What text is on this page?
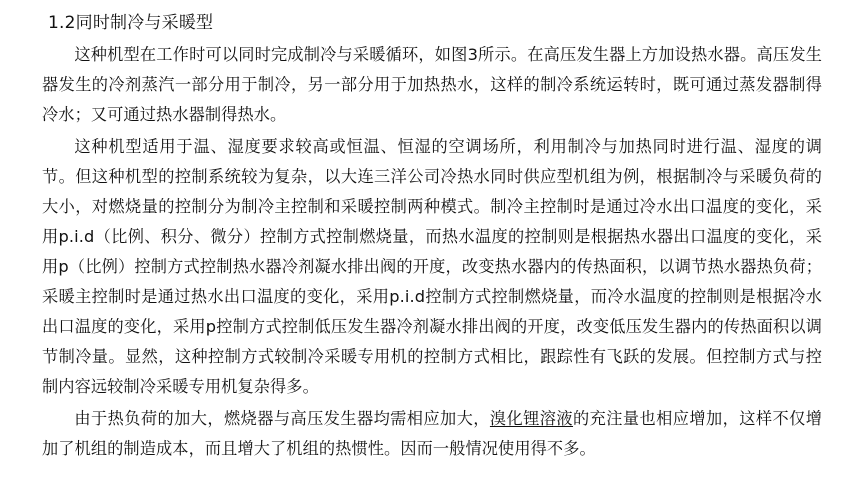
1.2同时制冷与采暖型

这种机型在工作时可以同时完成制冷与采暖循环，如图3所示。在高压发生器上方加设热水器。高压发生器发生的冷剂蒸汽一部分用于制冷，另一部分用于加热热水，这样的制冷系统运转时，既可通过蒸发器制得冷水；又可通过热水器制得热水。

这种机型适用于温、湿度要求较高或恒温、恒湿的空调场所，利用制冷与加热同时进行温、湿度的调节。但这种机型的控制系统较为复杂，以大连三洋公司冷热水同时供应型机组为例，根据制冷与采暖负荷的大小，对燃烧量的控制分为制冷主控制和采暖控制两种模式。制冷主控制时是通过冷水出口温度的变化，采用p.i.d（比例、积分、微分）控制方式控制燃烧量，而热水温度的控制则是根据热水器出口温度的变化，采用p（比例）控制方式控制热水器冷剂凝水排出阀的开度，改变热水器内的传热面积，以调节热水器热负荷；采暖主控制时是通过热水出口温度的变化，采用p.i.d控制方式控制燃烧量，而冷水温度的控制则是根据冷水出口温度的变化，采用p控制方式控制低压发生器冷剂凝水排出阀的开度，改变低压发生器内的传热面积以调节制冷量。显然，这种控制方式较制冷采暖专用机的控制方式相比，跟踪性有飞跃的发展。但控制方式与控制内容远较制冷采暖专用机复杂得多。

由于热负荷的加大，燃烧器与高压发生器均需相应加大，溴化锂溶液的充注量也相应增加，这样不仅增加了机组的制造成本，而且增大了机组的热惯性。因而一般情况使用得不多。
